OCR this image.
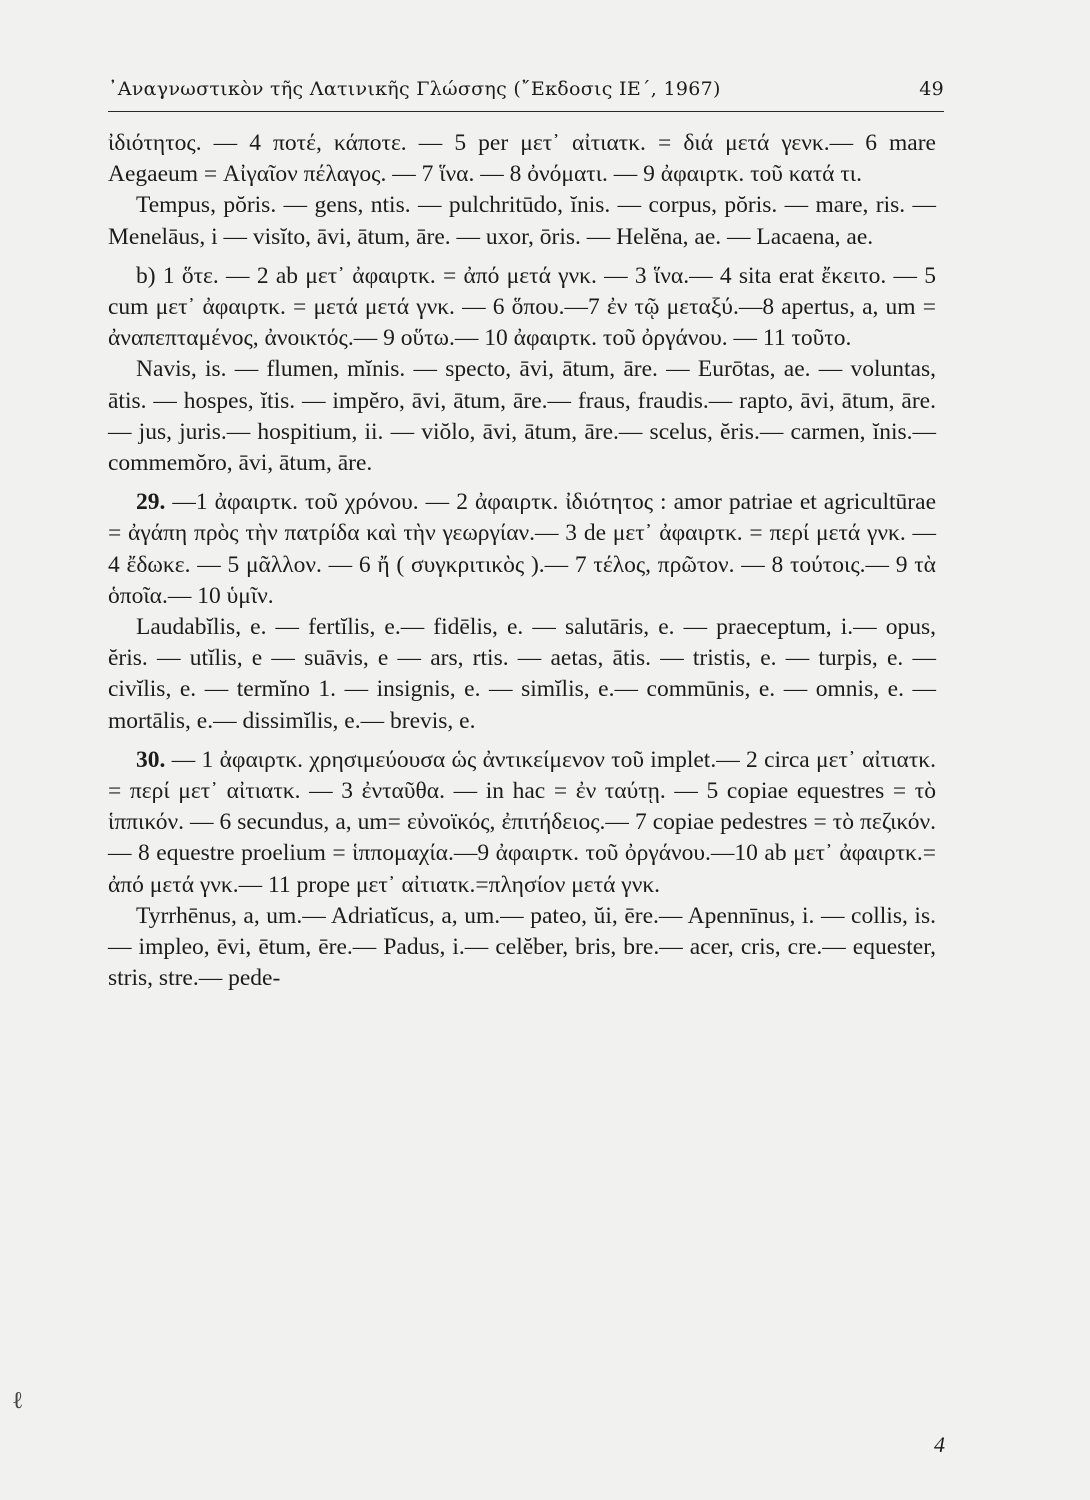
᾿Αναγνωστικὸν τῆς Λατινικῆς Γλώσσης (῎Εκδοσις ΙΕ΄, 1967)	49

ἰδιότητος. — 4 ποτέ, κάποτε. — 5 per μετ᾿ αἰτιατκ. = διά μετά γενκ.— 6 mare Aegaeum = Αἰγαῖον πέλαγος. — 7 ἵνα. — 8 ὀνόματι. — 9 ἀφαιρτκ. τοῦ κατά τι.

Tempus, pŏris. — gens, ntis. — pulchritūdo, ĭnis. — corpus, pŏris. — mare, ris. — Menelāus, i — visĭto, āvi, ātum, āre. — uxor, ōris. — Helĕna, ae. — Lacaena, ae.

b) 1 ὅτε. — 2 ab μετ᾿ ἀφαιρτκ. = ἀπό μετά γνκ. — 3 ἵνα.— 4 sita erat ἔκειτο. — 5 cum μετ᾿ ἀφαιρτκ. = μετά μετά γνκ. — 6 ὅπου.—7 ἐν τῷ μεταξύ.—8 apertus, a, um = ἀναπεπταμένος, ἀνοικτός.— 9 οὕτω.— 10 ἀφαιρτκ. τοῦ ὀργάνου. — 11 τοῦτο.

Navis, is. — flumen, mĭnis. — specto, āvi, ātum, āre. — Eurōtas, ae. — voluntas, ātis. — hospes, ĭtis. — impĕro, āvi, ātum, āre.— fraus, fraudis.— rapto, āvi, ātum, āre. — jus, juris.— hospitium, ii. — viŏlo, āvi, ātum, āre.— scelus, ĕris.— carmen, ĭnis.— commemŏro, āvi, ātum, āre.

29. —1 ἀφαιρτκ. τοῦ χρόνου. — 2 ἀφαιρτκ. ἰδιότητος : amor patriae et agricultūrae = ἀγάπη πρὸς τὴν πατρίδα καὶ τὴν γεωργίαν.— 3 de μετ᾿ ἀφαιρτκ. = περί μετά γνκ. — 4 ἔδωκε. — 5 μᾶλλον. — 6 ἤ ( συγκριτικὸς ).— 7 τέλος, πρῶτον. — 8 τούτοις.— 9 τὰ ὁποῖα.— 10 ὑμῖν.

Laudabĭlis, e. — fertĭlis, e.— fidēlis, e. — salutāris, e. — praeceptum, i.— opus, ĕris. — utĭlis, e — suāvis, e — ars, rtis. — aetas, ātis. — tristis, e. — turpis, e. — civĭlis, e. — termĭno 1. — insignis, e. — simĭlis, e.— commūnis, e. — omnis, e. — mortālis, e.— dissimĭlis, e.— brevis, e.

30. — 1 ἀφαιρτκ. χρησιμεύουσα ὡς ἀντικείμενον τοῦ implet.— 2 circa μετ᾿ αἰτιατκ. = περί μετ᾿ αἰτιατκ. — 3 ἐνταῦθα. — in hac = ἐν ταύτῃ. — 5 copiae equestres = τὸ ἱππικόν. — 6 secundus, a, um= εὐνοϊκός, ἐπιτήδειος.— 7 copiae pedestres = τὸ πεζικόν. — 8 equestre proelium = ἱππομαχία.—9 ἀφαιρτκ. τοῦ ὀργάνου.—10 ab μετ᾿ ἀφαιρτκ.= ἀπό μετά γνκ.— 11 prope μετ᾿ αἰτιατκ.=πλησίον μετά γνκ.

Tyrrhēnus, a, um.— Adriatĭcus, a, um.— pateo, ŭi, ēre.— Apennīnus, i. — collis, is. — impleo, ēvi, ētum, ēre.— Padus, i.— celĕber, bris, bre.— acer, cris, cre.— equester, stris, stre.— pede-

4
ℓ
